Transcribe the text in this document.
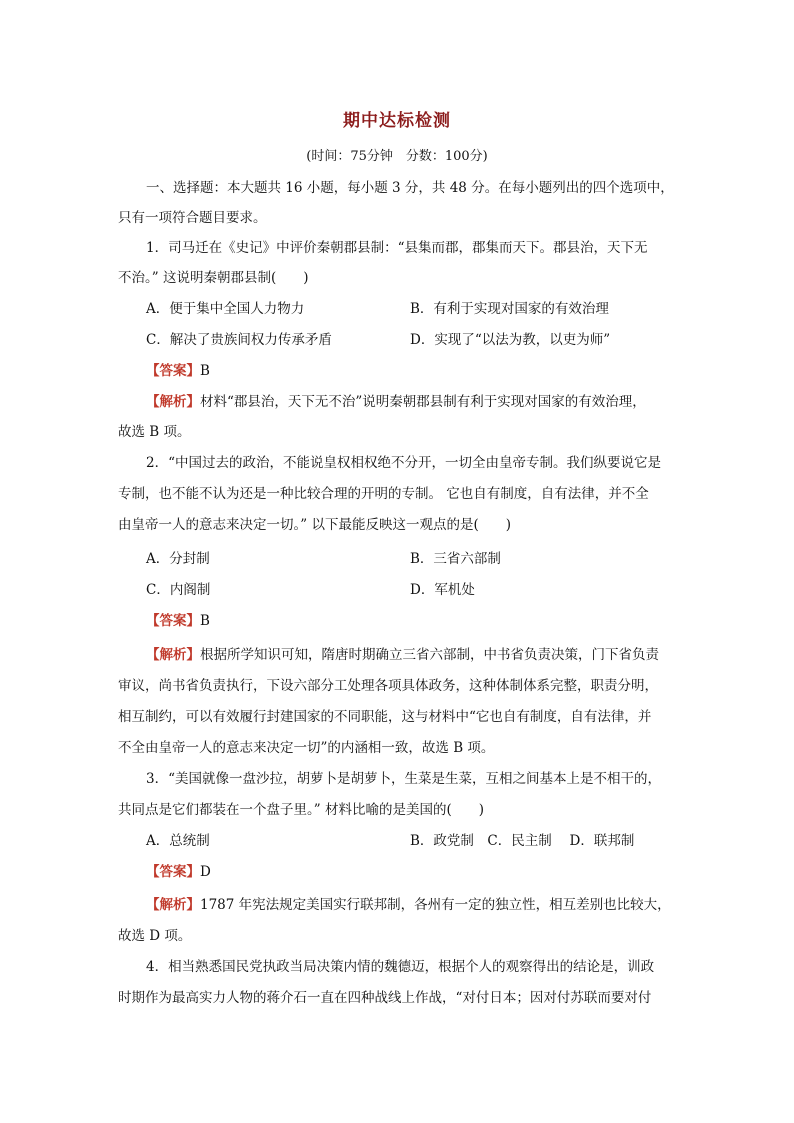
期中达标检测
(时间：75分钟　分数：100分)
一、选择题：本大题共 16 小题，每小题 3 分，共 48 分。在每小题列出的四个选项中，
只有一项符合题目要求。
1．司马迁在《史记》中评价秦朝郡县制：“县集而郡，郡集而天下。郡县治，天下无
不治。” 这说明秦朝郡县制(　　)
A．便于集中全国人力物力	B．有利于实现对国家的有效治理
C．解决了贵族间权力传承矛盾	D．实现了“以法为教，以吏为师”
【答案】B
【解析】材料“郡县治，天下无不治”说明秦朝郡县制有利于实现对国家的有效治理，
故选 B 项。
2．“中国过去的政治，不能说皇权相权绝不分开，一切全由皇帝专制。我们纵要说它是
专制，也不能不认为还是一种比较合理的开明的专制。 它也自有制度，自有法律，并不全
由皇帝一人的意志来决定一切。” 以下最能反映这一观点的是(　　)
A．分封制	B．三省六部制
C．内阁制	D．军机处
【答案】B
【解析】根据所学知识可知，隋唐时期确立三省六部制，中书省负责决策，门下省负责
审议，尚书省负责执行，下设六部分工处理各项具体政务，这种体制体系完整，职责分明，
相互制约，可以有效履行封建国家的不同职能，这与材料中“它也自有制度，自有法律，并
不全由皇帝一人的意志来决定一切”的内涵相一致，故选 B 项。
3．“美国就像一盘沙拉，胡萝卜是胡萝卜，生菜是生菜，互相之间基本上是不相干的，
共同点是它们都装在一个盘子里。” 材料比喻的是美国的(　　)
A．总统制	B．政党制　C．民主制　 D．联邦制
【答案】D
【解析】1787 年宪法规定美国实行联邦制，各州有一定的独立性，相互差别也比较大，
故选 D 项。
4．相当熟悉国民党执政当局决策内情的魏德迈，根据个人的观察得出的结论是，训政
时期作为最高实力人物的蒋介石一直在四种战线上作战，“对付日本；因对付苏联而要对付
